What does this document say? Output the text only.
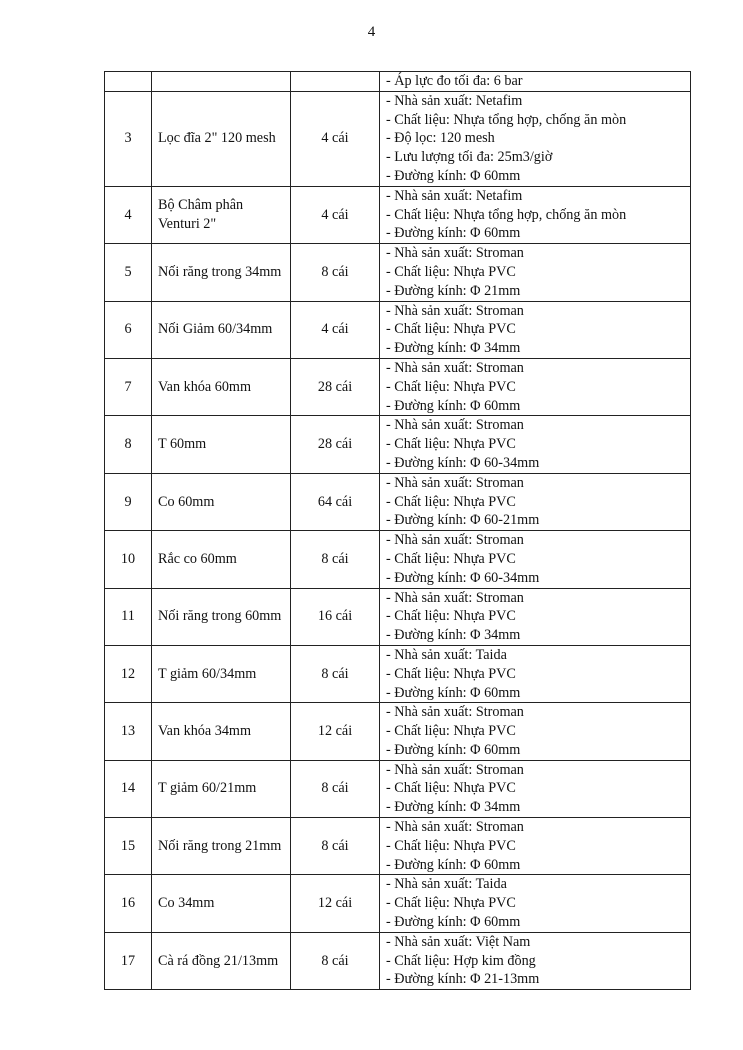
4

			- Áp lực đo tối đa: 6 bar

3	Lọc đĩa 2" 120 mesh	4 cái	- Nhà sản xuất: Netafim
- Chất liệu: Nhựa tổng hợp, chống ăn mòn
- Độ lọc: 120 mesh
- Lưu lượng tối đa: 25m3/giờ
- Đường kính: Φ 60mm

4	Bộ Châm phân Venturi 2"	4 cái	- Nhà sản xuất: Netafim
- Chất liệu: Nhựa tổng hợp, chống ăn mòn
- Đường kính: Φ 60mm

5	Nối răng trong 34mm	8 cái	- Nhà sản xuất: Stroman
- Chất liệu: Nhựa PVC
- Đường kính: Φ 21mm

6	Nối Giảm 60/34mm	4 cái	- Nhà sản xuất: Stroman
- Chất liệu: Nhựa PVC
- Đường kính: Φ 34mm

7	Van khóa 60mm	28 cái	- Nhà sản xuất: Stroman
- Chất liệu: Nhựa PVC
- Đường kính: Φ 60mm

8	T 60mm	28 cái	- Nhà sản xuất: Stroman
- Chất liệu: Nhựa PVC
- Đường kính: Φ 60-34mm

9	Co 60mm	64 cái	- Nhà sản xuất: Stroman
- Chất liệu: Nhựa PVC
- Đường kính: Φ 60-21mm

10	Rắc co 60mm	8 cái	- Nhà sản xuất: Stroman
- Chất liệu: Nhựa PVC
- Đường kính: Φ 60-34mm

11	Nối răng trong 60mm	16 cái	- Nhà sản xuất: Stroman
- Chất liệu: Nhựa PVC
- Đường kính: Φ 34mm

12	T giảm 60/34mm	8 cái	- Nhà sản xuất: Taida
- Chất liệu: Nhựa PVC
- Đường kính: Φ 60mm

13	Van khóa 34mm	12 cái	- Nhà sản xuất: Stroman
- Chất liệu: Nhựa PVC
- Đường kính: Φ 60mm

14	T giảm 60/21mm	8 cái	- Nhà sản xuất: Stroman
- Chất liệu: Nhựa PVC
- Đường kính: Φ 34mm

15	Nối răng trong 21mm	8 cái	- Nhà sản xuất: Stroman
- Chất liệu: Nhựa PVC
- Đường kính: Φ 60mm

16	Co 34mm	12 cái	- Nhà sản xuất: Taida
- Chất liệu: Nhựa PVC
- Đường kính: Φ 60mm

17	Cà rá đồng 21/13mm	8 cái	- Nhà sản xuất: Việt Nam
- Chất liệu: Hợp kim đồng
- Đường kính: Φ 21-13mm
